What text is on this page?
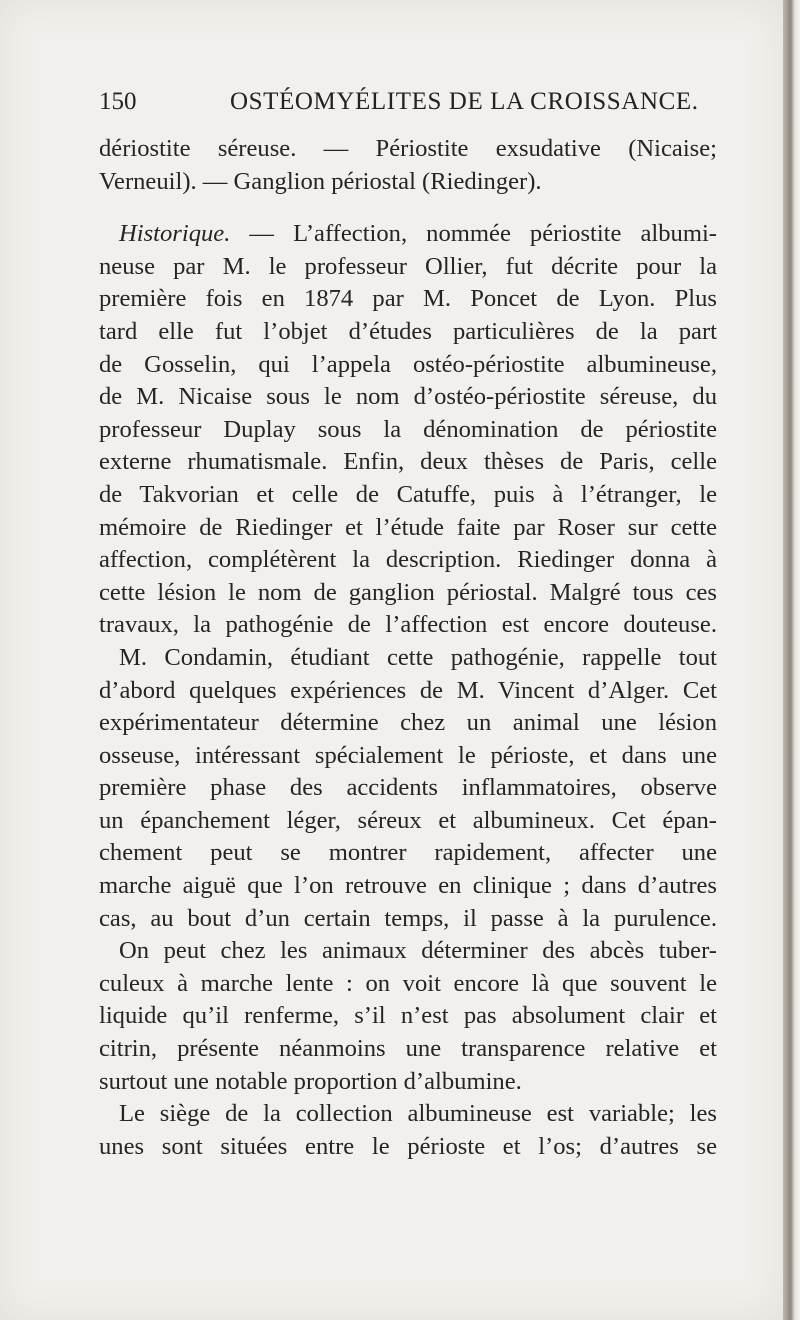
150	OSTÉOMYÉLITES DE LA CROISSANCE.
dériostite séreuse. — Périostite exsudative (Nicaise;
Verneuil). — Ganglion périostal (Riedinger).
Historique. — L’affection, nommée périostite albumi-
neuse par M. le professeur Ollier, fut décrite pour la
première fois en 1874 par M. Poncet de Lyon. Plus
tard elle fut l’objet d’études particulières de la part
de Gosselin, qui l’appela ostéo-périostite albumineuse,
de M. Nicaise sous le nom d’ostéo-périostite séreuse, du
professeur Duplay sous la dénomination de périostite
externe rhumatismale. Enfin, deux thèses de Paris, celle
de Takvorian et celle de Catuffe, puis à l’étranger, le
mémoire de Riedinger et l’étude faite par Roser sur cette
affection, complétèrent la description. Riedinger donna à
cette lésion le nom de ganglion périostal. Malgré tous ces
travaux, la pathogénie de l’affection est encore douteuse.
M. Condamin, étudiant cette pathogénie, rappelle tout
d’abord quelques expériences de M. Vincent d’Alger. Cet
expérimentateur détermine chez un animal une lésion
osseuse, intéressant spécialement le périoste, et dans une
première phase des accidents inflammatoires, observe
un épanchement léger, séreux et albumineux. Cet épan-
chement peut se montrer rapidement, affecter une
marche aiguë que l’on retrouve en clinique ; dans d’autres
cas, au bout d’un certain temps, il passe à la purulence.
On peut chez les animaux déterminer des abcès tuber-
culeux à marche lente : on voit encore là que souvent le
liquide qu’il renferme, s’il n’est pas absolument clair et
citrin, présente néanmoins une transparence relative et
surtout une notable proportion d’albumine.
Le siège de la collection albumineuse est variable; les
unes sont situées entre le périoste et l’os; d’autres se
